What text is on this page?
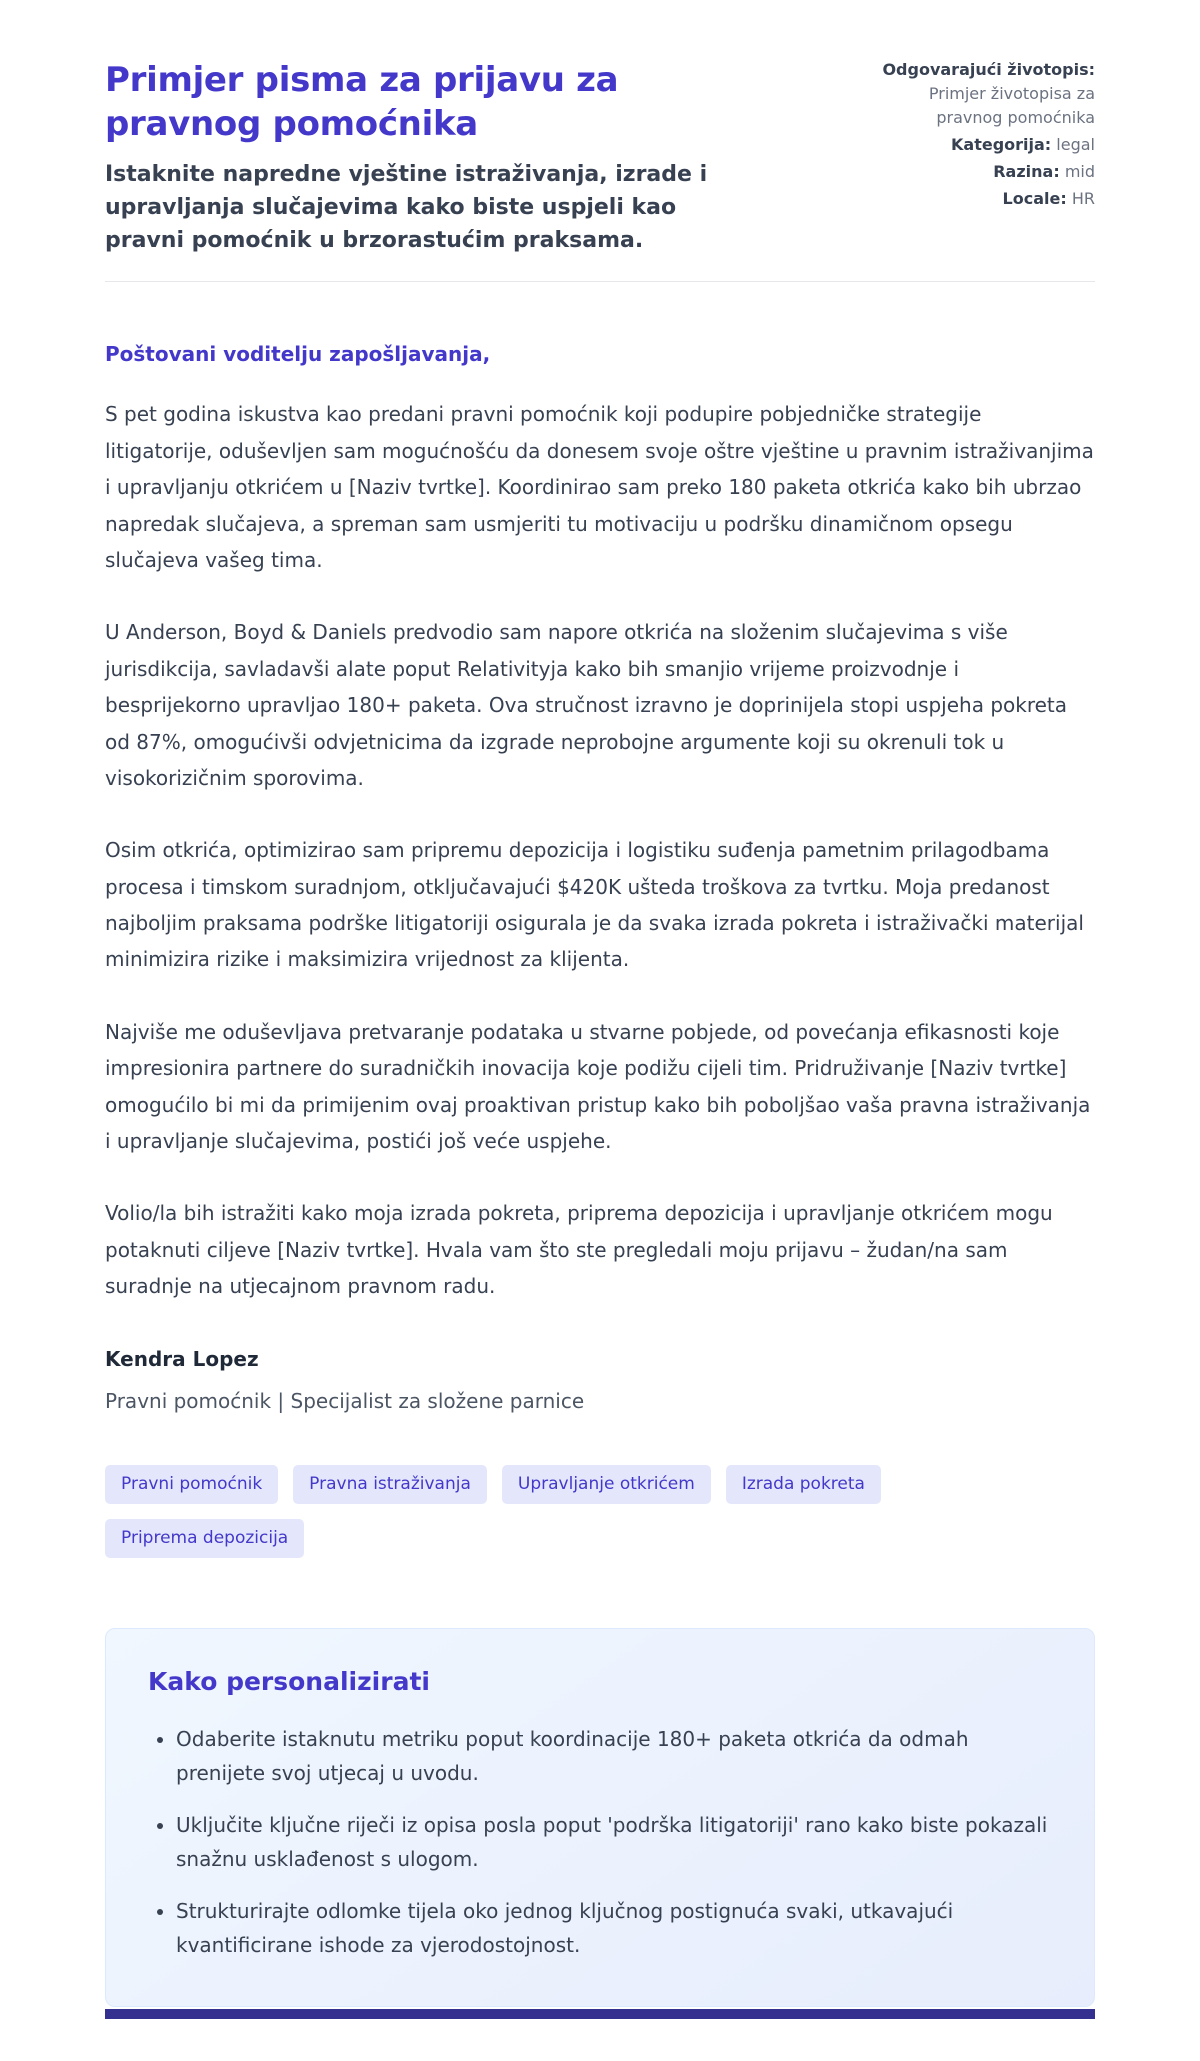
Primjer pisma za prijavu za pravnog pomoćnika

Istaknite napredne vještine istraživanja, izrade i upravljanja slučajevima kako biste uspjeli kao pravni pomoćnik u brzorastućim praksama.

Odgovarajući životopis: Primjer životopisa za pravnog pomoćnika

Kategorija: legal

Razina: mid

Locale: HR

Poštovani voditelju zapošljavanja,

S pet godina iskustva kao predani pravni pomoćnik koji podupire pobjedničke strategije litigatorije, oduševljen sam mogućnošću da donesem svoje oštre vještine u pravnim istraživanjima i upravljanju otkrićem u [Naziv tvrtke]. Koordinirao sam preko 180 paketa otkrića kako bih ubrzao napredak slučajeva, a spreman sam usmjeriti tu motivaciju u podršku dinamičnom opsegu slučajeva vašeg tima.

U Anderson, Boyd & Daniels predvodio sam napore otkrića na složenim slučajevima s više jurisdikcija, savladavši alate poput Relativityja kako bih smanjio vrijeme proizvodnje i besprijekorno upravljao 180+ paketa. Ova stručnost izravno je doprinijela stopi uspjeha pokreta od 87%, omogućivši odvjetnicima da izgrade neprobojne argumente koji su okrenuli tok u visokorizičnim sporovima.

Osim otkrića, optimizirao sam pripremu depozicija i logistiku suđenja pametnim prilagodbama procesa i timskom suradnjom, otključavajući $420K ušteda troškova za tvrtku. Moja predanost najboljim praksama podrške litigatoriji osigurala je da svaka izrada pokreta i istraživački materijal minimizira rizike i maksimizira vrijednost za klijenta.

Najviše me oduševljava pretvaranje podataka u stvarne pobjede, od povećanja efikasnosti koje impresionira partnere do suradničkih inovacija koje podižu cijeli tim. Pridruživanje [Naziv tvrtke] omogućilo bi mi da primijenim ovaj proaktivan pristup kako bih poboljšao vaša pravna istraživanja i upravljanje slučajevima, postići još veće uspjehe.

Volio/la bih istražiti kako moja izrada pokreta, priprema depozicija i upravljanje otkrićem mogu potaknuti ciljeve [Naziv tvrtke]. Hvala vam što ste pregledali moju prijavu – žudan/na sam suradnje na utjecajnom pravnom radu.

Kendra Lopez

Pravni pomoćnik | Specijalist za složene parnice

Pravni pomoćnik	Pravna istraživanja	Upravljanje otkrićem	Izrada pokreta
Priprema depozicija
Kako personalizirati
• Odaberite istaknutu metriku poput koordinacije 180+ paketa otkrića da odmah prenijete svoj utjecaj u uvodu.
• Uključite ključne riječi iz opisa posla poput 'podrška litigatoriji' rano kako biste pokazali snažnu usklađenost s ulogom.
• Strukturirajte odlomke tijela oko jednog ključnog postignuća svaki, utkavajući kvantificirane ishode za vjerodostojnost.
